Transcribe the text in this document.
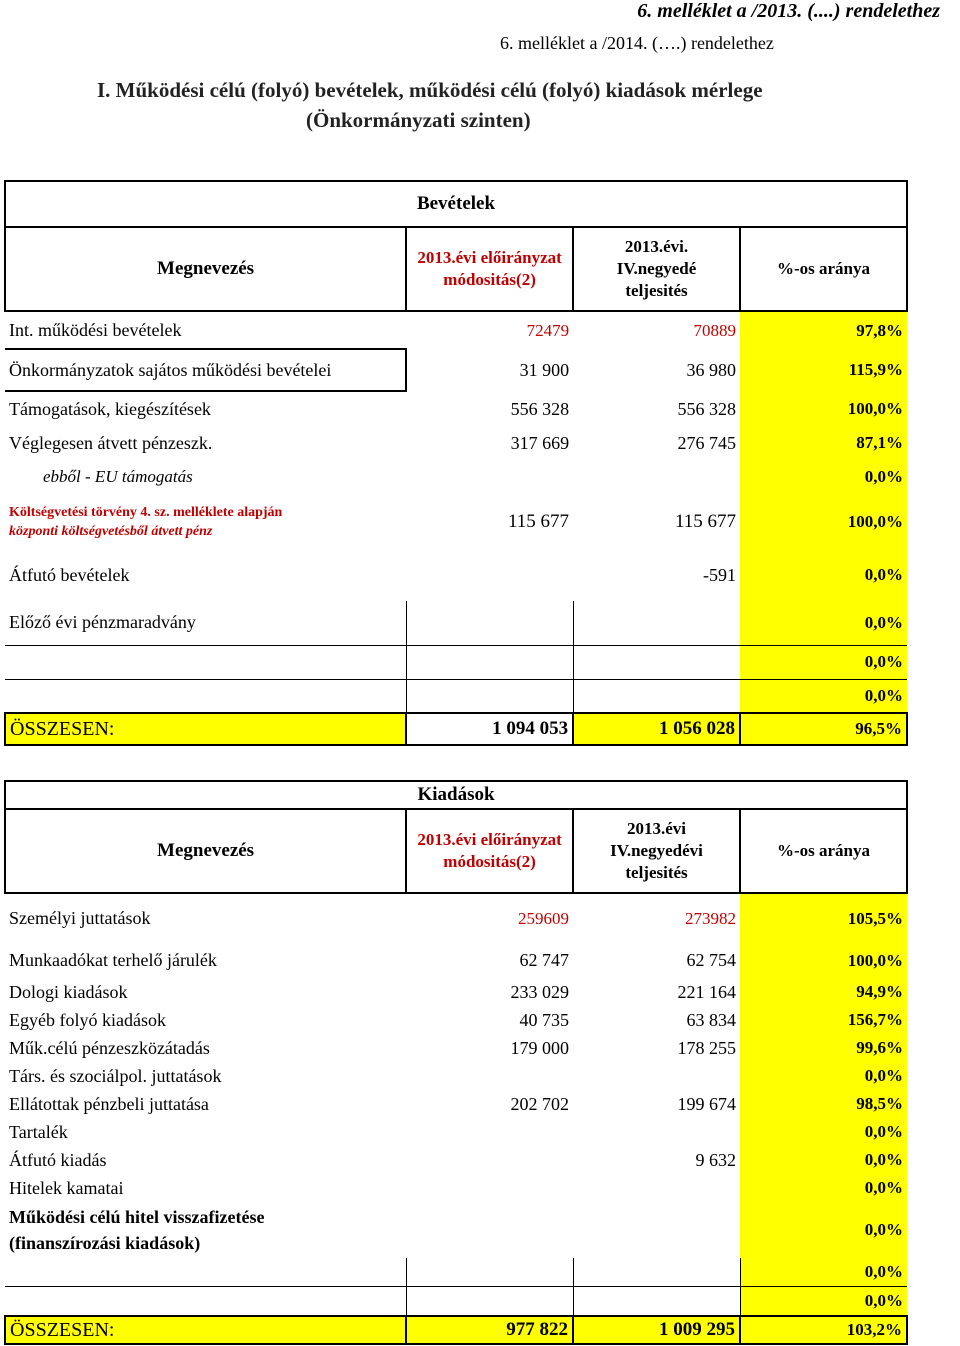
6. melléklet a /2013. (....) rendelethez
6. melléklet a /2014. (….) rendelethez
I. Működési célú (folyó) bevételek, működési célú (folyó) kiadások mérlege
(Önkormányzati szinten)
Bevételek			
Megnevezés	2013.évi előirányzat módositás(2)	2013.évi. IV.negyedé teljesités	%-os aránya
Int. működési bevételek	72479	70889	97,8%
Önkormányzatok sajátos működési bevételei	31 900	36 980	115,9%
Támogatások, kiegészítések	556 328	556 328	100,0%
Véglegesen átvett pénzeszk.	317 669	276 745	87,1%
ebből - EU támogatás			0,0%

Költségvetési törvény 4. sz. melléklete alapján
központi költségvetésből átvett pénz	115 677	115 677	100,0%
Átfutó bevételek		-591	0,0%
Előző évi pénzmaradvány			0,0%
			0,0%
			0,0%
ÖSSZESEN:	1 094 053	1 056 028	96,5%
Kiadások			
Megnevezés	2013.évi előirányzat módositás(2)	2013.évi IV.negyedévi teljesités	%-os aránya
Személyi juttatások	259609	273982	105,5%
Munkaadókat terhelő járulék	62 747	62 754	100,0%
Dologi kiadások	233 029	221 164	94,9%
Egyéb folyó kiadások	40 735	63 834	156,7%
Műk.célú pénzeszközátadás	179 000	178 255	99,6%
Társ. és szociálpol. juttatások			0,0%
Ellátottak pénzbeli juttatása	202 702	199 674	98,5%
Tartalék			0,0%
Átfutó kiadás		9 632	0,0%
Hitelek kamatai			0,0%

Működési célú hitel visszafizetése
(finanszírozási kiadások)			0,0%
			0,0%
			0,0%
ÖSSZESEN:	977 822	1 009 295	103,2%
